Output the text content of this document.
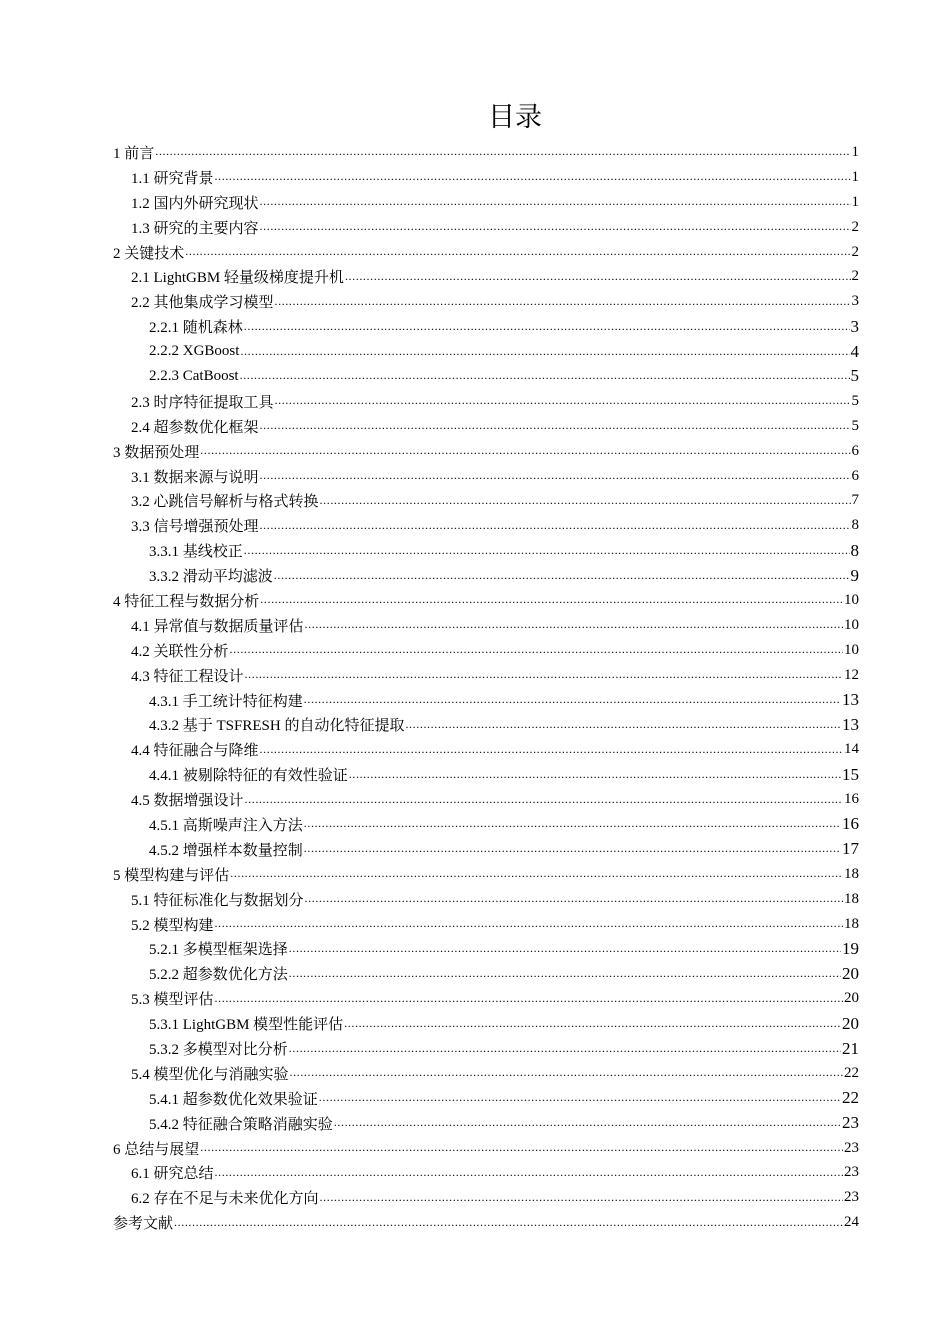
目录
1 前言 .....	1
1.1 研究背景 .....	1
1.2 国内外研究现状 .....	1
1.3 研究的主要内容 .....	2
2 关键技术 .....	2
2.1 LightGBM 轻量级梯度提升机 .....	2
2.2 其他集成学习模型 .....	3
2.2.1 随机森林 .....	3
2.2.2 XGBoost .....	4
2.2.3 CatBoost .....	5
2.3 时序特征提取工具 .....	5
2.4 超参数优化框架 .....	5
3 数据预处理 .....	6
3.1 数据来源与说明 .....	6
3.2 心跳信号解析与格式转换 .....	7
3.3 信号增强预处理 .....	8
3.3.1 基线校正 .....	8
3.3.2 滑动平均滤波 .....	9
4 特征工程与数据分析 .....	10
4.1 异常值与数据质量评估 .....	10
4.2 关联性分析 .....	10
4.3 特征工程设计 .....	12
4.3.1 手工统计特征构建 .....	13
4.3.2 基于 TSFRESH 的自动化特征提取 .....	13
4.4 特征融合与降维 .....	14
4.4.1 被剔除特征的有效性验证 .....	15
4.5 数据增强设计 .....	16
4.5.1 高斯噪声注入方法 .....	16
4.5.2 增强样本数量控制 .....	17
5 模型构建与评估 .....	18
5.1 特征标准化与数据划分 .....	18
5.2 模型构建 .....	18
5.2.1 多模型框架选择 .....	19
5.2.2 超参数优化方法 .....	20
5.3 模型评估 .....	20
5.3.1 LightGBM 模型性能评估 .....	20
5.3.2 多模型对比分析 .....	21
5.4 模型优化与消融实验 .....	22
5.4.1 超参数优化效果验证 .....	22
5.4.2 特征融合策略消融实验 .....	23
6 总结与展望 .....	23
6.1 研究总结 .....	23
6.2 存在不足与未来优化方向 .....	23
参考文献 .....	24
